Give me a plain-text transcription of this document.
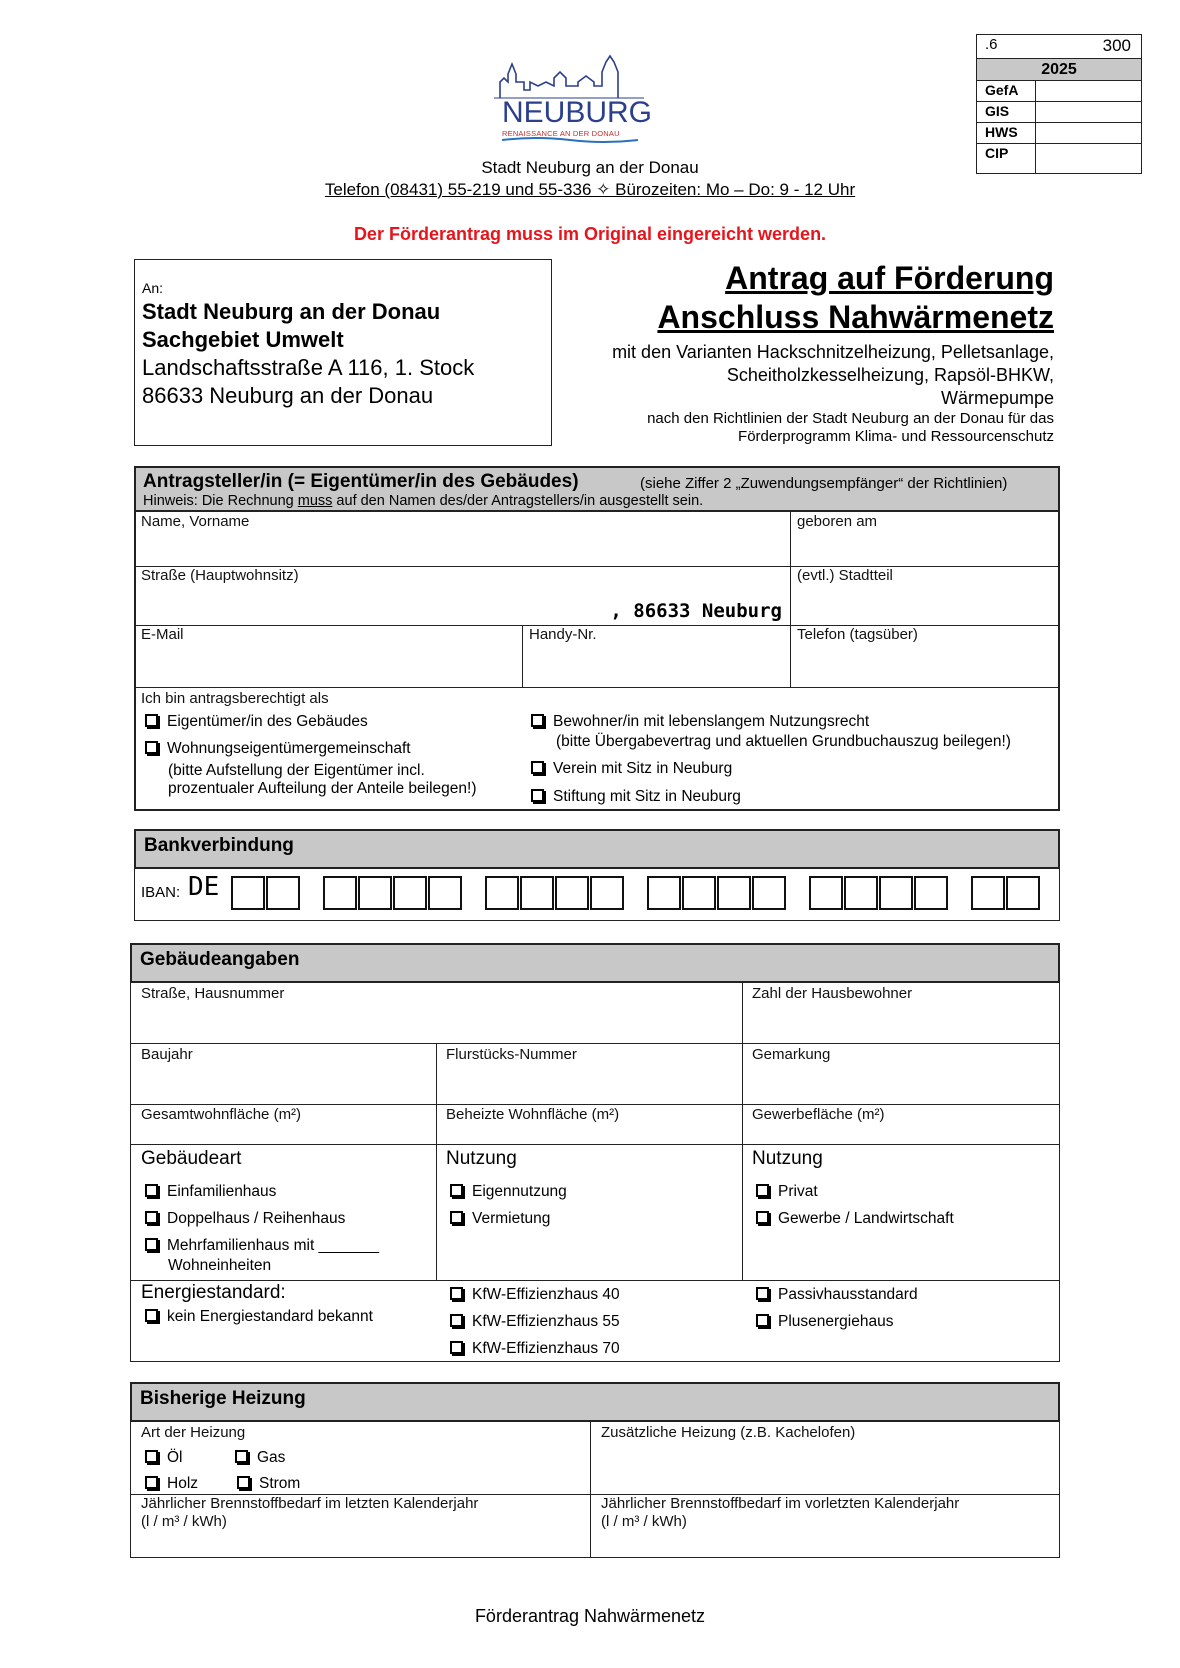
.6	300
2025
GefA
GIS
HWS
CIP
NEUBURG
RENAISSANCE AN DER DONAU
Stadt Neuburg an der Donau
Telefon (08431) 55-219 und 55-336 ✧ Bürozeiten: Mo – Do: 9 - 12 Uhr
Der Förderantrag muss im Original eingereicht werden.
An:
Stadt Neuburg an der Donau
Sachgebiet Umwelt
Landschaftsstraße A 116, 1. Stock
86633 Neuburg an der Donau
Antrag auf Förderung
Anschluss Nahwärmenetz
mit den Varianten Hackschnitzelheizung, Pelletsanlage,
Scheitholzkesselheizung, Rapsöl-BHKW,
Wärmepumpe
nach den Richtlinien der Stadt Neuburg an der Donau für das
Förderprogramm Klima- und Ressourcenschutz
Antragsteller/in (= Eigentümer/in des Gebäudes)	(siehe Ziffer 2 „Zuwendungsempfänger“ der Richtlinien)
Hinweis: Die Rechnung muss auf den Namen des/der Antragstellers/in ausgestellt sein.
Name, Vorname	geboren am
Straße (Hauptwohnsitz)	(evtl.) Stadtteil
, 86633 Neuburg
E-Mail	Handy-Nr.	Telefon (tagsüber)
Ich bin antragsberechtigt als
Eigentümer/in des Gebäudes
Wohnungseigentümergemeinschaft
(bitte Aufstellung der Eigentümer incl.
prozentualer Aufteilung der Anteile beilegen!)
Bewohner/in mit lebenslangem Nutzungsrecht
(bitte Übergabevertrag und aktuellen Grundbuchauszug beilegen!)
Verein mit Sitz in Neuburg
Stiftung mit Sitz in Neuburg
Bankverbindung
IBAN: DE
Gebäudeangaben
Straße, Hausnummer	Zahl der Hausbewohner
Baujahr	Flurstücks-Nummer	Gemarkung
Gesamtwohnfläche (m²)	Beheizte Wohnfläche (m²)	Gewerbefläche (m²)
Gebäudeart
Einfamilienhaus
Doppelhaus / Reihenhaus
Mehrfamilienhaus mit _______
Wohneinheiten
Nutzung
Eigennutzung
Vermietung
Nutzung
Privat
Gewerbe / Landwirtschaft
Energiestandard:
kein Energiestandard bekannt
KfW-Effizienzhaus 40
KfW-Effizienzhaus 55
KfW-Effizienzhaus 70
Passivhausstandard
Plusenergiehaus
Bisherige Heizung
Art der Heizung
Öl	Gas
Holz	Strom
Zusätzliche Heizung (z.B. Kachelofen)
Jährlicher Brennstoffbedarf im letzten Kalenderjahr
(l / m³ / kWh)
Jährlicher Brennstoffbedarf im vorletzten Kalenderjahr
(l / m³ / kWh)
Förderantrag Nahwärmenetz
